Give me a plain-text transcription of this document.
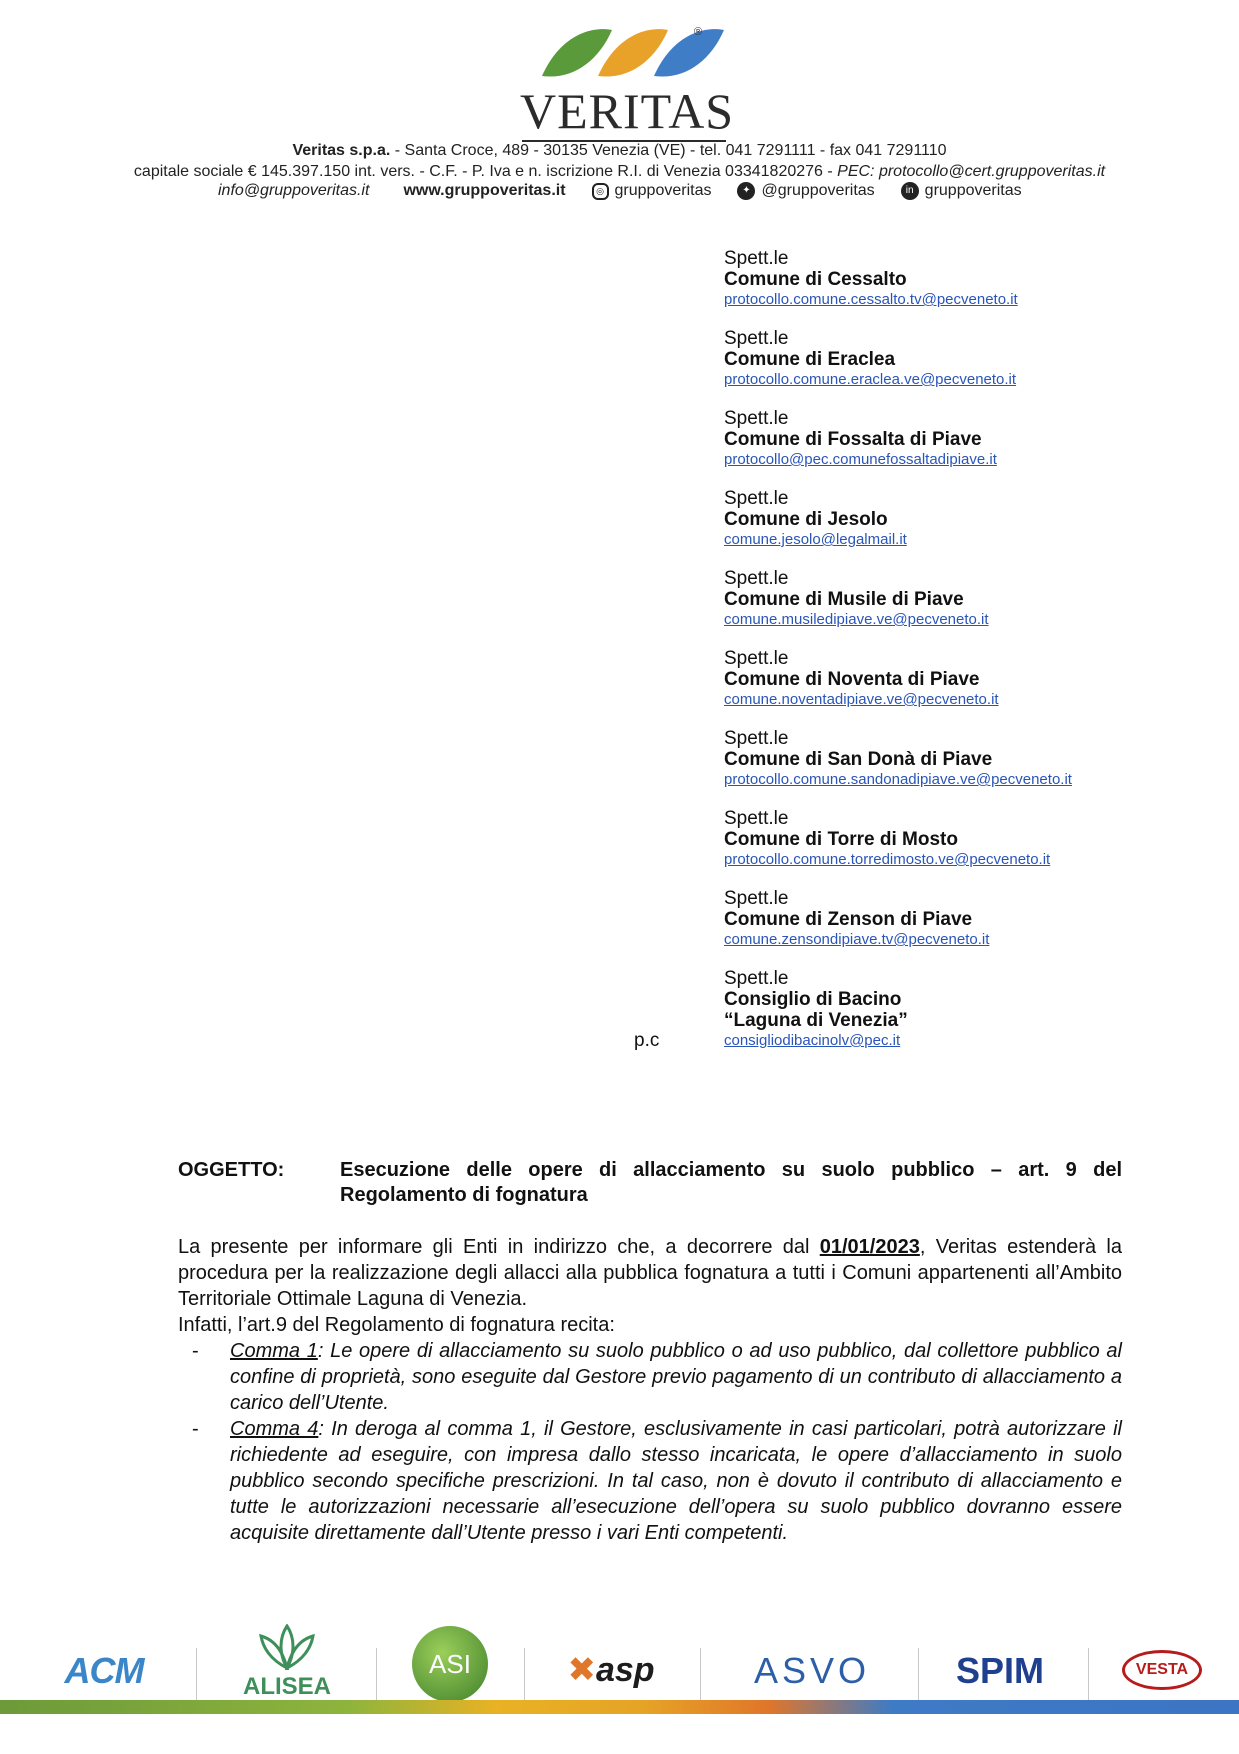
VERITAS
®
Veritas s.p.a. - Santa Croce, 489 - 30135 Venezia (VE) - tel. 041 7291111 - fax 041 7291110
capitale sociale € 145.397.150 int. vers. - C.F. - P. Iva e n. iscrizione R.I. di Venezia 03341820276 - PEC: protocollo@cert.gruppoveritas.it
info@gruppoveritas.it www.gruppoveritas.it	◎ gruppoveritas	✦ @gruppoveritas	in gruppoveritas
Spett.le
Comune di Cessalto
protocollo.comune.cessalto.tv@pecveneto.it
Spett.le
Comune di Eraclea
protocollo.comune.eraclea.ve@pecveneto.it
Spett.le
Comune di Fossalta di Piave
protocollo@pec.comunefossaltadipiave.it
Spett.le
Comune di Jesolo
comune.jesolo@legalmail.it
Spett.le
Comune di Musile di Piave
comune.musiledipiave.ve@pecveneto.it
Spett.le
Comune di Noventa di Piave
comune.noventadipiave.ve@pecveneto.it
Spett.le
Comune di San Donà di Piave
protocollo.comune.sandonadipiave.ve@pecveneto.it
Spett.le
Comune di Torre di Mosto
protocollo.comune.torredimosto.ve@pecveneto.it
Spett.le
Comune di Zenson di Piave
comune.zensondipiave.tv@pecveneto.it
Spett.le
Consiglio di Bacino
“Laguna di Venezia”
consigliodibacinolv@pec.it
p.c
OGGETTO:	Esecuzione delle opere di allacciamento su suolo pubblico – art. 9 del Regolamento di fognatura

La presente per informare gli Enti in indirizzo che, a decorrere dal 01/01/2023, Veritas estenderà la procedura per la realizzazione degli allacci alla pubblica fognatura a tutti i Comuni appartenenti all’Ambito Territoriale Ottimale Laguna di Venezia.

Infatti, l’art.9 del Regolamento di fognatura recita:

- Comma 1: Le opere di allacciamento su suolo pubblico o ad uso pubblico, dal collettore pubblico al confine di proprietà, sono eseguite dal Gestore previo pagamento di un contributo di allacciamento a carico dell’Utente.
- Comma 4: In deroga al comma 1, il Gestore, esclusivamente in casi particolari, potrà autorizzare il richiedente ad eseguire, con impresa dallo stesso incaricata, le opere d’allacciamento in suolo pubblico secondo specifiche prescrizioni. In tal caso, non è dovuto il contributo di allacciamento e tutte le autorizzazioni necessarie all’esecuzione dell’opera su suolo pubblico dovranno essere acquisite direttamente dall’Utente presso i vari Enti competenti.
ACM	ALISEA
ASI	✖asp	ASVO	SPIM	VESTA
